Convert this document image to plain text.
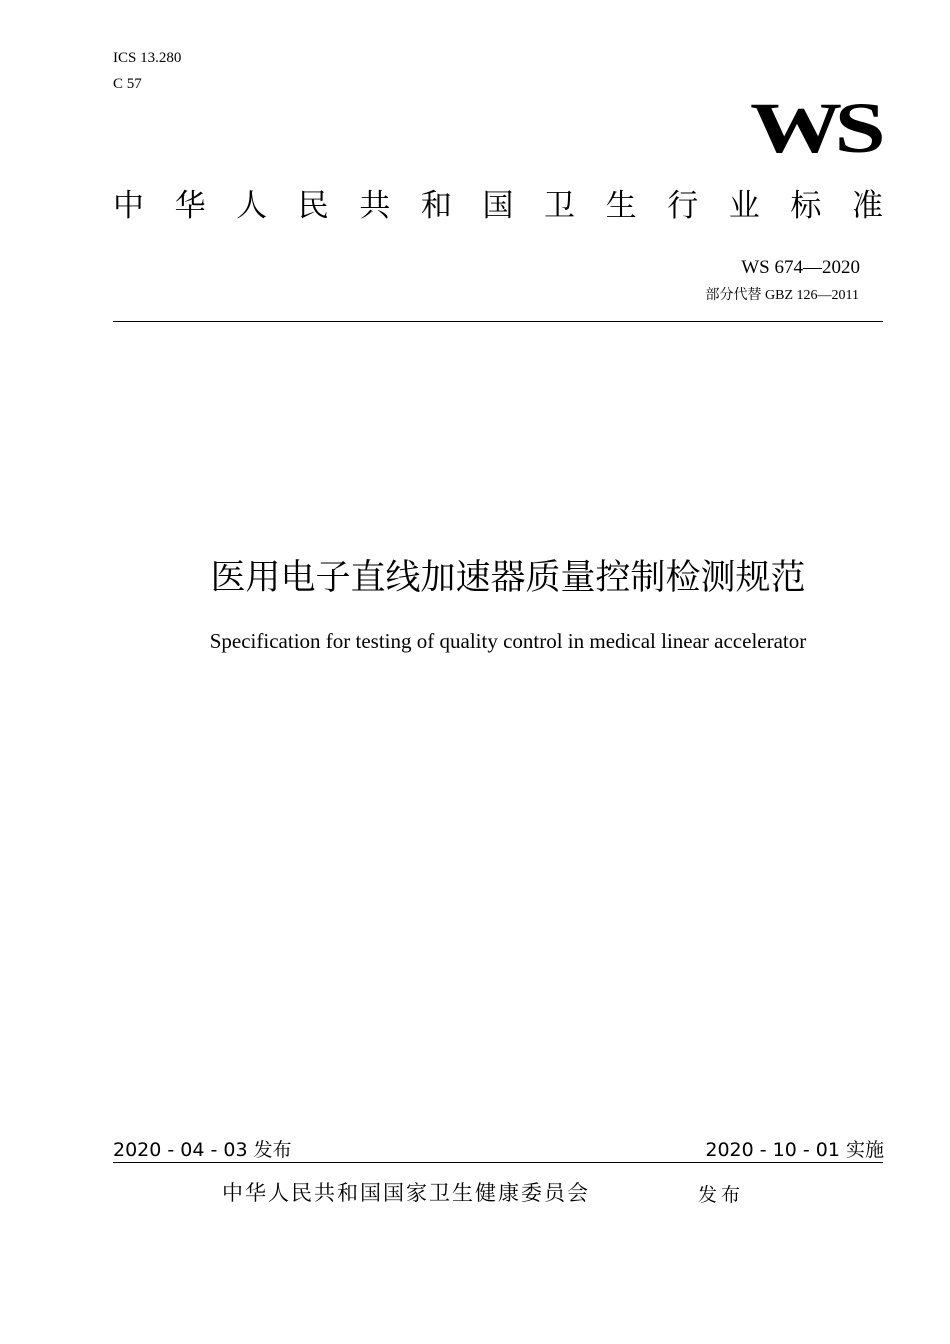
ICS 13.280
C 57
WS
中 华 人 民 共 和 国 卫 生 行 业 标 准
WS 674—2020
部分代替 GBZ 126—2011
医用电子直线加速器质量控制检测规范
Specification for testing of quality control in medical linear accelerator
2020 - 04 - 03 发布	2020 - 10 - 01 实施
中华人民共和国国家卫生健康委员会	发布
